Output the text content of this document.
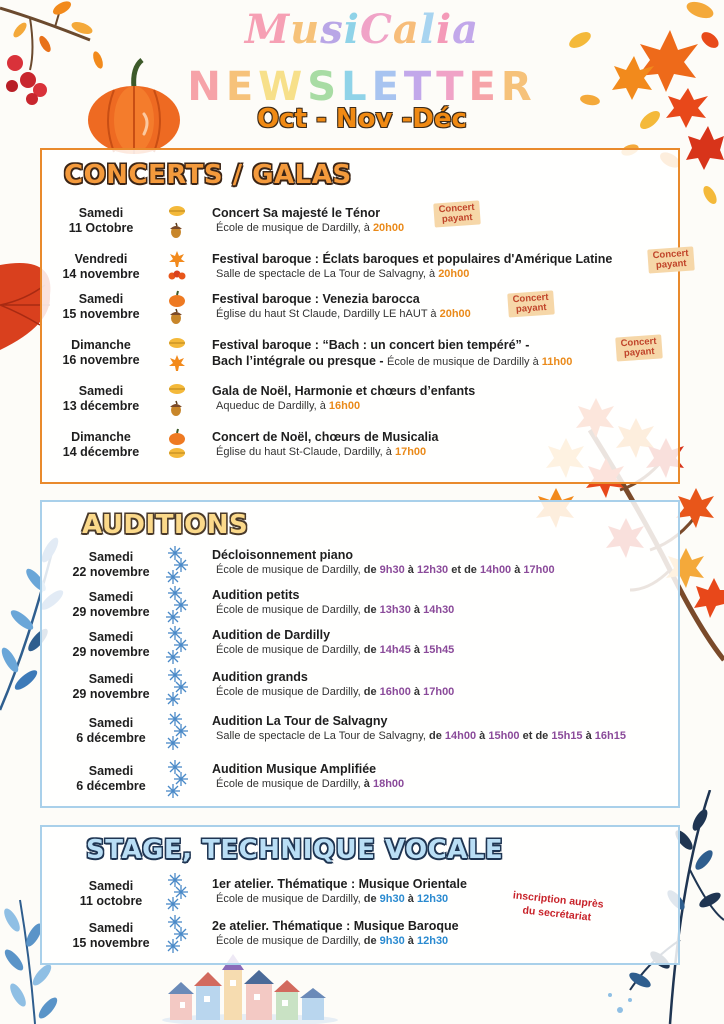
MusiCalia
NEWSLETTER
Oct - Nov -Déc
CONCERTS / GALAS
Samedi
11 Octobre
Concert Sa majesté le Ténor
École de musique de Dardilly, à 20h00
Concert
payant
Vendredi
14 novembre
Festival baroque : Éclats baroques et populaires d'Amérique Latine
Salle de spectacle de La Tour de Salvagny, à 20h00
Concert
payant
Samedi
15 novembre
Festival baroque : Venezia barocca
Église du haut St Claude, Dardilly LE hAUT à 20h00
Concert
payant
Dimanche
16 novembre
Festival baroque : “Bach : un concert bien tempéré” -
Bach l’intégrale ou presque - École de musique de Dardilly à 11h00
Concert
payant
Samedi
13 décembre
Gala de Noël, Harmonie et chœurs d’enfants
Aqueduc de Dardilly, à 16h00
Dimanche
14 décembre
Concert de Noël, chœurs de Musicalia
Église du haut St-Claude, Dardilly, à 17h00
AUDITIONS
Samedi
22 novembre
Décloisonnement piano
École de musique de Dardilly, de 9h30 à 12h30 et de 14h00 à 17h00
Samedi
29 novembre
Audition petits
École de musique de Dardilly, de 13h30 à 14h30
Samedi
29 novembre
Audition de Dardilly
École de musique de Dardilly, de 14h45 à 15h45
Samedi
29 novembre
Audition grands
École de musique de Dardilly, de 16h00 à 17h00
Samedi
6 décembre
Audition La Tour de Salvagny
Salle de spectacle de La Tour de Salvagny, de 14h00 à 15h00 et de 15h15 à 16h15
Samedi
6 décembre
Audition Musique Amplifiée
École de musique de Dardilly, à 18h00
STAGE, TECHNIQUE VOCALE
Samedi
11 octobre
1er atelier. Thématique : Musique Orientale
École de musique de Dardilly, de 9h30 à 12h30
Samedi
15 novembre
2e atelier. Thématique : Musique Baroque
École de musique de Dardilly, de 9h30 à 12h30
inscription auprès
du secrétariat
